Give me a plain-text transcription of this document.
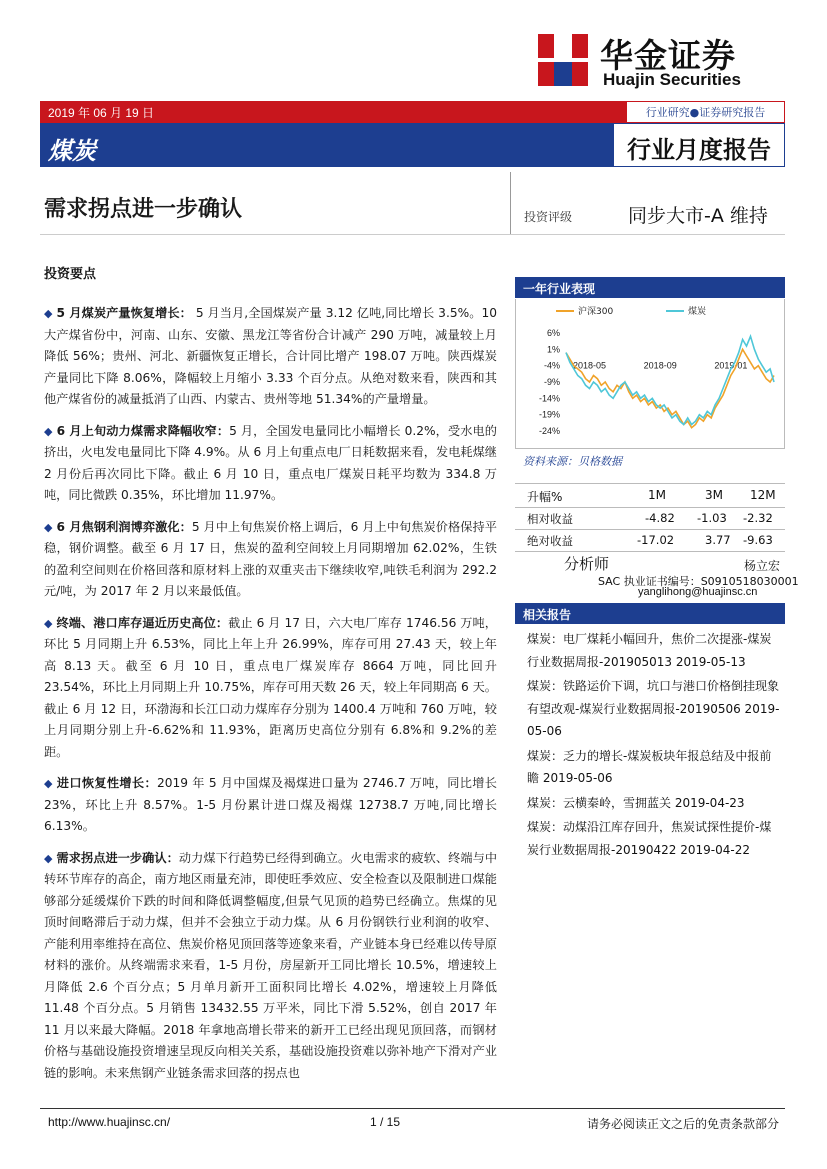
华金证券
Huajin Securities
2019 年 06 月 19 日	行业研究●证券研究报告
煤炭	行业月度报告
需求拐点进一步确认	投资评级	同步大市-A 维持
投资要点
◆ 5 月煤炭产量恢复增长： 5 月当月,全国煤炭产量 3.12 亿吨,同比增长 3.5%。10 大产煤省份中，河南、山东、安徽、黑龙江等省份合计减产 290 万吨，减量较上月降低 56%；贵州、河北、新疆恢复正增长，合计同比增产 198.07 万吨。陕西煤炭产量同比下降 8.06%，降幅较上月缩小 3.33 个百分点。从绝对数来看，陕西和其他产煤省份的减量抵消了山西、内蒙古、贵州等地 51.34%的产量增量。
◆ 6 月上旬动力煤需求降幅收窄：5 月，全国发电量同比小幅增长 0.2%，受水电的挤出，火电发电量同比下降 4.9%。从 6 月上旬重点电厂日耗数据来看，发电耗煤继 2 月份后再次同比下降。截止 6 月 10 日，重点电厂煤炭日耗平均数为 334.8 万吨，同比微跌 0.35%，环比增加 11.97%。
◆ 6 月焦钢利润博弈激化：5 月中上旬焦炭价格上调后，6 月上中旬焦炭价格保持平稳，钢价调整。截至 6 月 17 日，焦炭的盈利空间较上月同期增加 62.02%，生铁的盈利空间则在价格回落和原材料上涨的双重夹击下继续收窄,吨铁毛利润为 292.2 元/吨，为 2017 年 2 月以来最低值。
◆ 终端、港口库存逼近历史高位：截止 6 月 17 日，六大电厂库存 1746.56 万吨，环比 5 月同期上升 6.53%，同比上年上升 26.99%，库存可用 27.43 天，较上年高 8.13 天。截至 6 月 10 日，重点电厂煤炭库存 8664 万吨，同比回升 23.54%，环比上月同期上升 10.75%，库存可用天数 26 天，较上年同期高 6 天。截止 6 月 12 日，环渤海和长江口动力煤库存分别为 1400.4 万吨和 760 万吨，较上月同期分别上升-6.62%和 11.93%，距离历史高位分别有 6.8%和 9.2%的差距。
◆ 进口恢复性增长：2019 年 5 月中国煤及褐煤进口量为 2746.7 万吨，同比增长 23%，环比上升 8.57%。1-5 月份累计进口煤及褐煤 12738.7 万吨,同比增长 6.13%。
◆ 需求拐点进一步确认：动力煤下行趋势已经得到确立。火电需求的疲软、终端与中转环节库存的高企，南方地区雨量充沛，即使旺季效应、安全检查以及限制进口煤能够部分延缓煤价下跌的时间和降低调整幅度,但景气见顶的趋势已经确立。焦煤的见顶时间略滞后于动力煤，但并不会独立于动力煤。从 6 月份钢铁行业利润的收窄、产能利用率维持在高位、焦炭价格见顶回落等迹象来看，产业链本身已经难以传导原材料的涨价。从终端需求来看，1-5 月份，房屋新开工同比增长 10.5%，增速较上月降低 2.6 个百分点；5 月单月新开工面积同比增长 4.02%，增速较上月降低 11.48 个百分点。5 月销售 13432.55 万平米，同比下滑 5.52%，创自 2017 年 11 月以来最大降幅。2018 年拿地高增长带来的新开工已经出现见顶回落，而钢材价格与基础设施投资增速呈现反向相关关系，基础设施投资难以弥补地产下滑对产业链的影响。未来焦钢产业链条需求回落的拐点也
一年行业表现
6%
1%
-4%
-9%
-14%
-19%
-24%
2018-05	2018-09	2019-01
沪深300	煤炭
资料来源：贝格数据
升幅%	1M	3M 12M
相对收益	-4.82 -1.03 -2.32
绝对收益	-17.02	3.77 -9.63
分析师	杨立宏
SAC 执业证书编号：S0910518030001
yanglihong@huajinsc.cn
相关报告
煤炭：电厂煤耗小幅回升，焦价二次提涨-煤炭行业数据周报-201905013 2019-05-13
煤炭：铁路运价下调，坑口与港口价格倒挂现象有望改观-煤炭行业数据周报-20190506 2019-05-06
煤炭：乏力的增长-煤炭板块年报总结及中报前瞻 2019-05-06
煤炭：云横秦岭，雪拥蓝关 2019-04-23
煤炭：动煤沿江库存回升，焦炭试探性提价-煤炭行业数据周报-20190422 2019-04-22
http://www.huajinsc.cn/	1 / 15	请务必阅读正文之后的免责条款部分
